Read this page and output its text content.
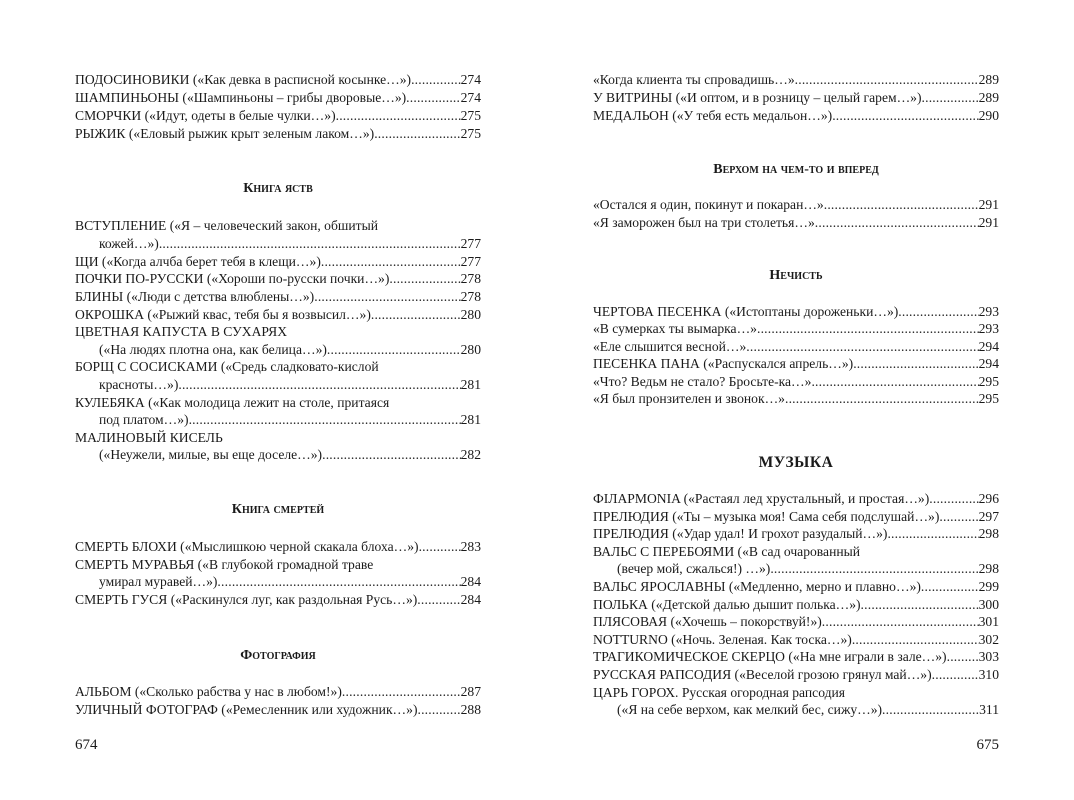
ПОДОСИНОВИКИ («Как девка в расписной косынке…») .....	274
ШАМПИНЬОНЫ («Шампиньоны – грибы дворовые…») .....	274
СМОРЧКИ («Идут, одеты в белые чулки…») .....	275
РЫЖИК («Еловый рыжик крыт зеленым лаком…») .....	275
Книга яств
ВСТУПЛЕНИЕ («Я – человеческий закон, обшитый
кожей…») .....	277
ЩИ («Когда алчба берет тебя в клещи…») .....	277
ПОЧКИ ПО-РУССКИ («Хороши по-русски почки…») .....	278
БЛИНЫ («Люди с детства влюблены…») .....	278
ОКРОШКА («Рыжий квас, тебя бы я возвысил…») .....	280
ЦВЕТНАЯ КАПУСТА В СУХАРЯХ
(«На людях плотна она, как белица…») .....	280
БОРЩ С СОСИСКАМИ («Средь сладковато-кислой
красноты…») .....	281
КУЛЕБЯКА («Как молодица лежит на столе, притаяся
под платом…») .....	281
МАЛИНОВЫЙ КИСЕЛЬ
(«Неужели, милые, вы еще доселе…») .....	282
Книга смертей
СМЕРТЬ БЛОХИ («Мыслишкою черной скакала блоха…») .....	283
СМЕРТЬ МУРАВЬЯ («В глубокой громадной траве
умирал муравей…») .....	284
СМЕРТЬ ГУСЯ («Раскинулся луг, как раздольная Русь…») .....	284
Фотография
АЛЬБОМ («Сколько рабства у нас в любом!») .....	287
УЛИЧНЫЙ ФОТОГРАФ («Ремесленник или художник…») .....	288
674
«Когда клиента ты спровадишь…» .....	289
У ВИТРИНЫ («И оптом, и в розницу – целый гарем…») .....	289
МЕДАЛЬОН («У тебя есть медальон…») .....	290
Верхом на чем-то и вперед
«Остался я один, покинут и покаран…» .....	291
«Я заморожен был на три столетья…» .....	291
Нечисть
ЧЕРТОВА ПЕСЕНКА («Истоптаны дороженьки…») .....	293
«В сумерках ты вымарка…» .....	293
«Еле слышится весной…» .....	294
ПЕСЕНКА ПАНА («Распускался апрель…») .....	294
«Что? Ведьм не стало? Бросьте-ка…» .....	295
«Я был пронзителен и звонок…» .....	295
МУЗЫКА
ФIЛАРМОNIA («Растаял лед хрустальный, и простая…») .....	296
ПРЕЛЮДИЯ («Ты – музыка моя! Сама себя подслушай…») .....	297
ПРЕЛЮДИЯ («Удар удал! И грохот разудалый…») .....	298
ВАЛЬС С ПЕРЕБОЯМИ («В сад очарованный
(вечер мой, сжалься!) …») .....	298
ВАЛЬС ЯРОСЛАВНЫ («Медленно, мерно и плавно…») .....	299
ПОЛЬКА («Детской далью дышит полька…») .....	300
ПЛЯСОВАЯ («Хочешь – покорствуй!») .....	301
NOTTURNO («Ночь. Зеленая. Как тоска…») .....	302
ТРАГИКОМИЧЕСКОЕ СКЕРЦО («На мне играли в зале…») ..... 303
РУССКАЯ РАПСОДИЯ («Веселой грозою грянул май…») .....	310
ЦАРЬ ГОРОХ. Русская огородная рапсодия
(«Я на себе верхом, как мелкий бес, сижу…») .....	311
675
